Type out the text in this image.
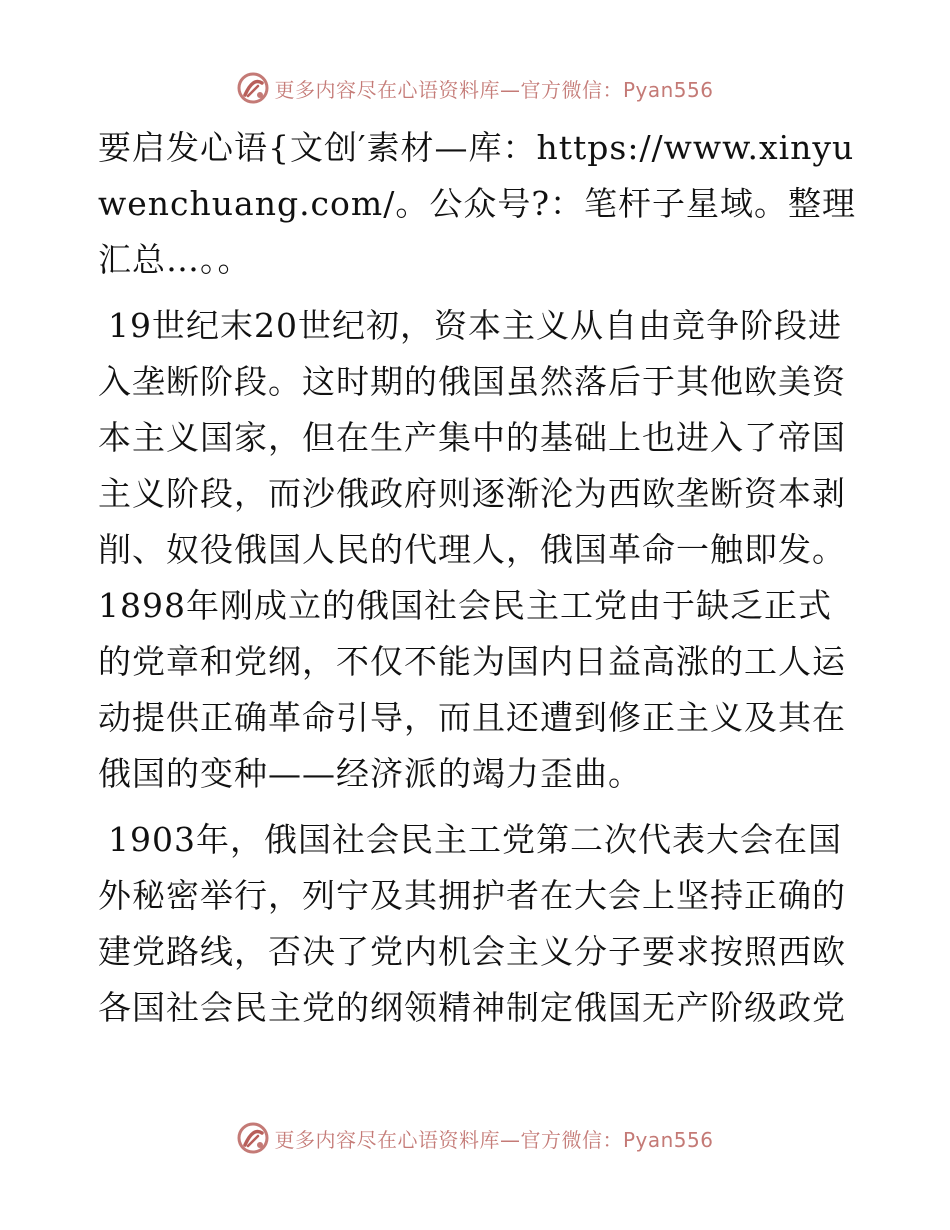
更多内容尽在心语资料库—官方微信：Pyan556

要启发心语{文创′素材—库：https://www.xinyuwenchuang.com/。公众号?：笔杆子星域。整理汇总…。。

19世纪末20世纪初，资本主义从自由竞争阶段进入垄断阶段。这时期的俄国虽然落后于其他欧美资本主义国家，但在生产集中的基础上也进入了帝国主义阶段，而沙俄政府则逐渐沦为西欧垄断资本剥削、奴役俄国人民的代理人，俄国革命一触即发。1898年刚成立的俄国社会民主工党由于缺乏正式的党章和党纲，不仅不能为国内日益高涨的工人运动提供正确革命引导，而且还遭到修正主义及其在俄国的变种——经济派的竭力歪曲。

1903年，俄国社会民主工党第二次代表大会在国外秘密举行，列宁及其拥护者在大会上坚持正确的建党路线，否决了党内机会主义分子要求按照西欧各国社会民主党的纲领精神制定俄国无产阶级政党

更多内容尽在心语资料库—官方微信：Pyan556
